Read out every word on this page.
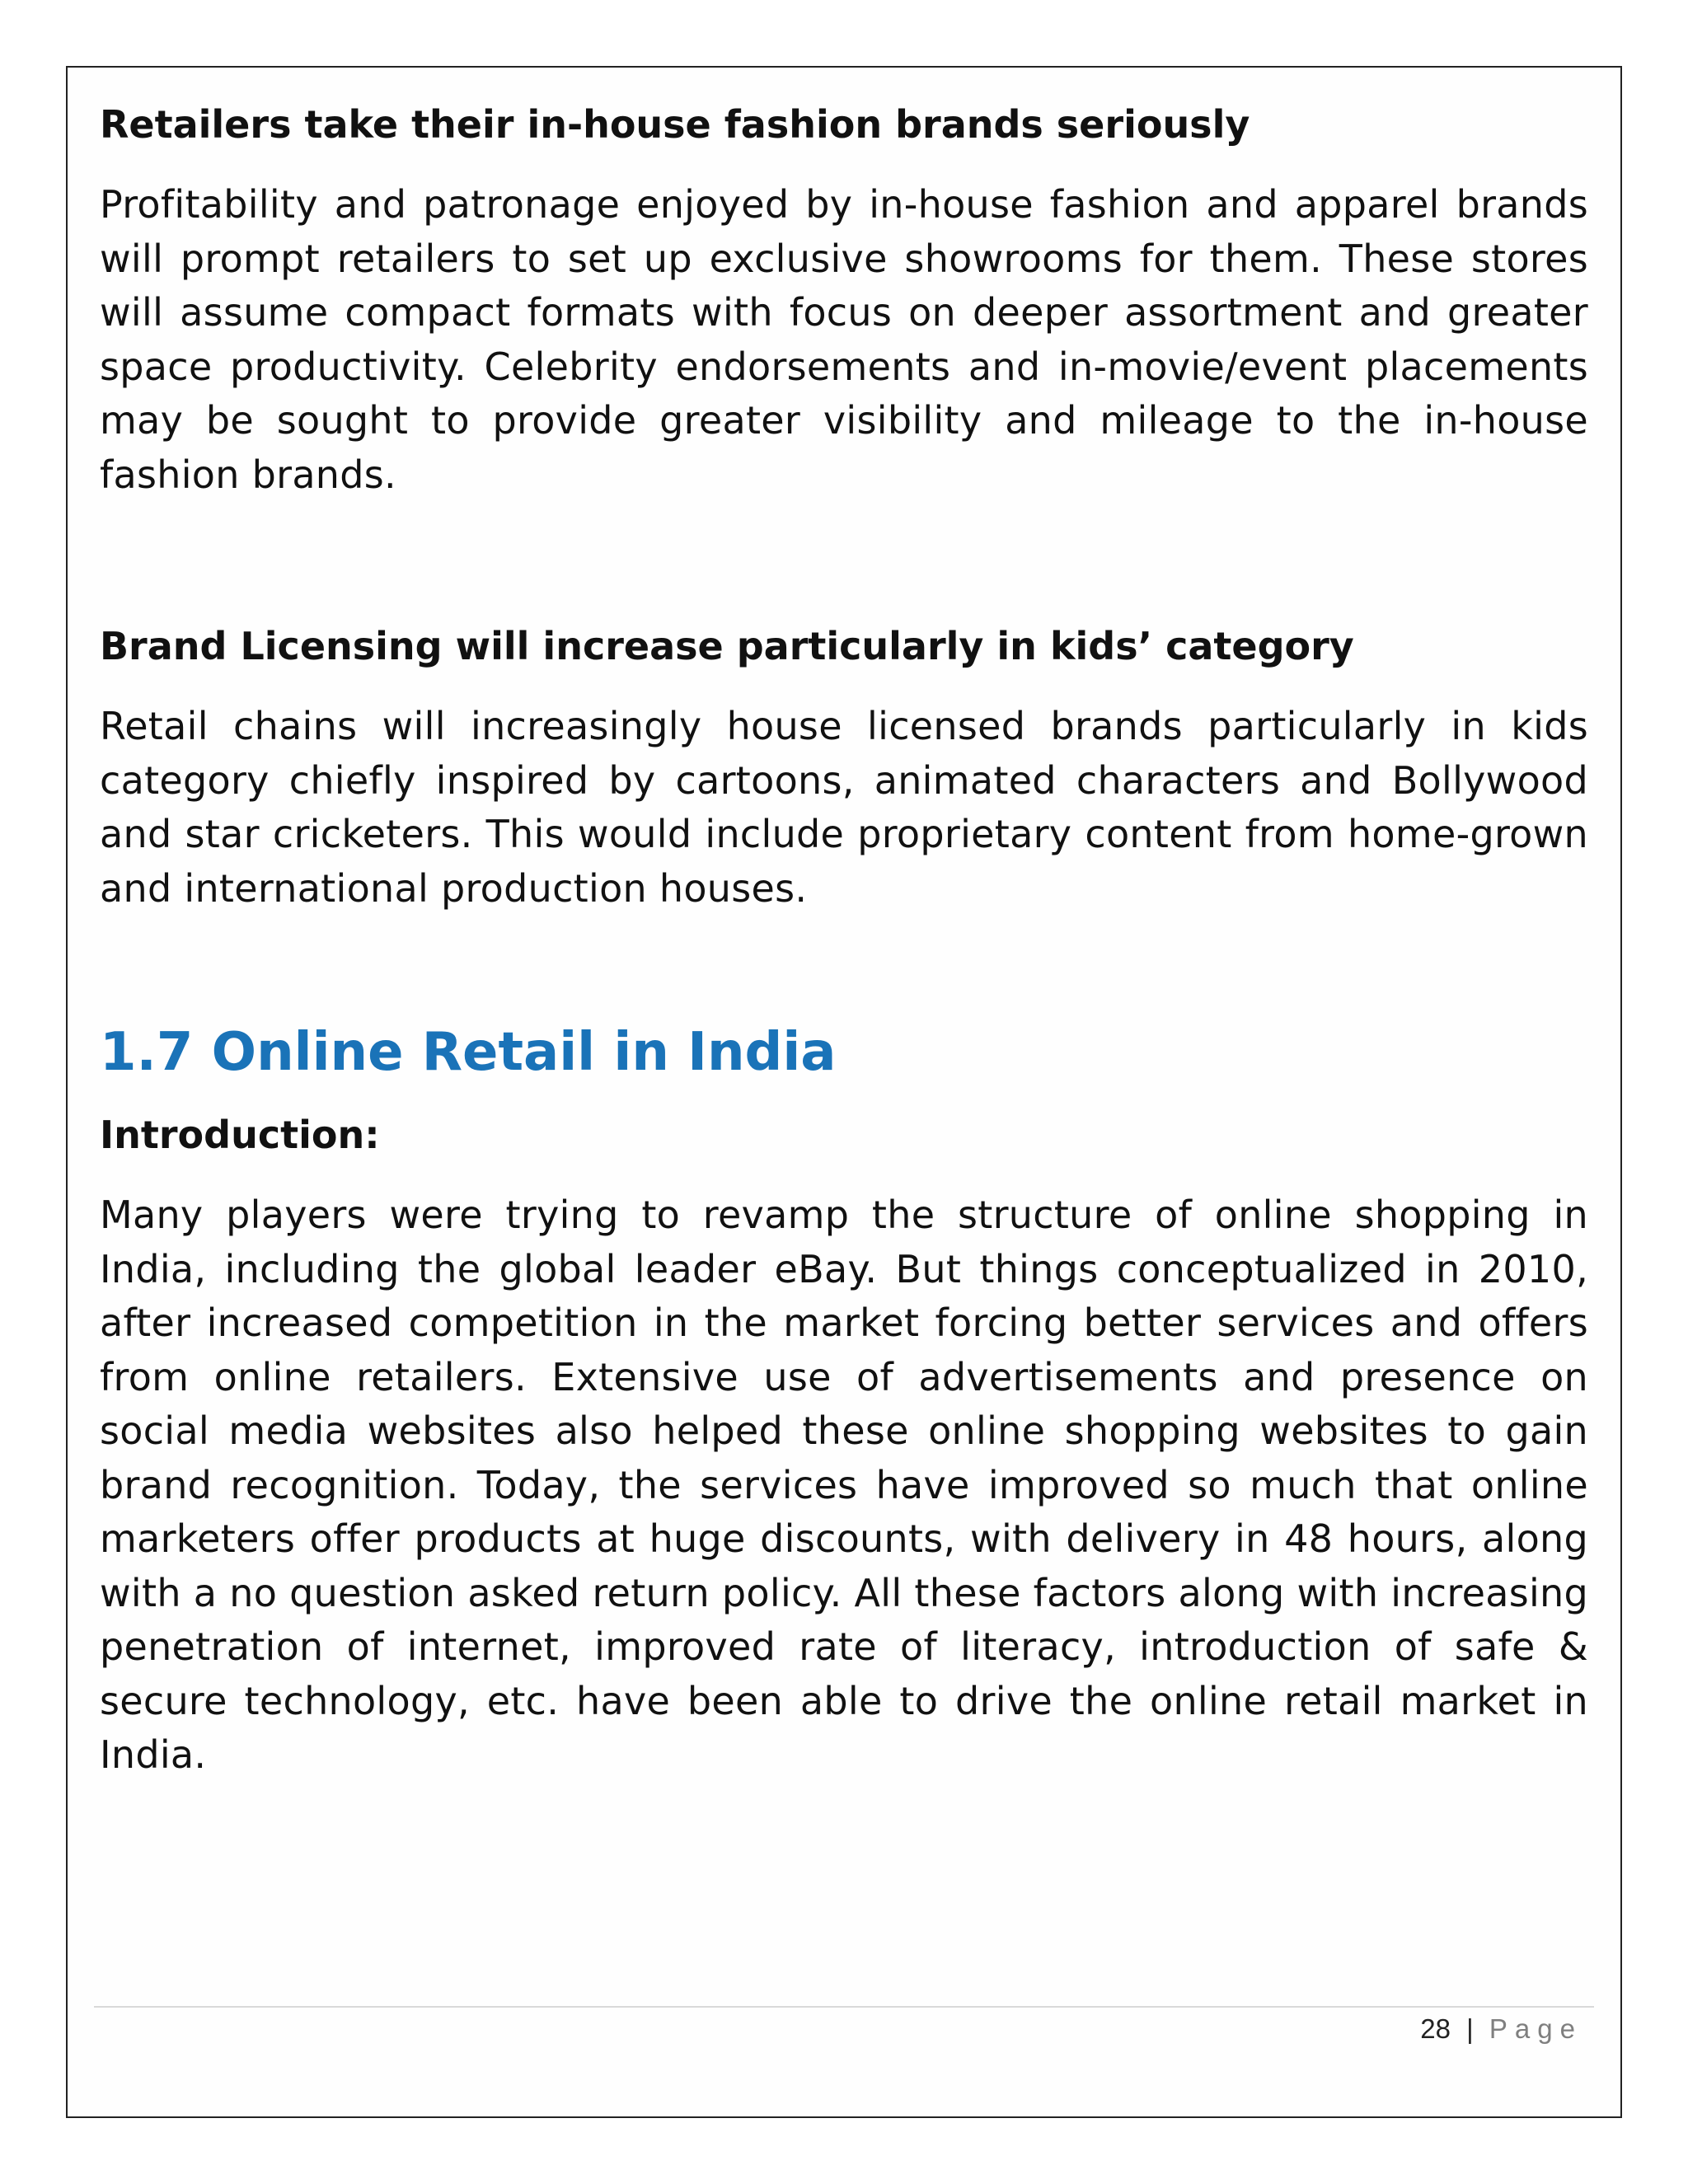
Retailers take their in-house fashion brands seriously

Profitability and patronage enjoyed by in-house fashion and apparel brands will prompt retailers to set up exclusive showrooms for them. These stores will assume compact formats with focus on deeper assortment and greater space productivity. Celebrity endorsements and in-movie/event placements may be sought to provide greater visibility and mileage to the in-house fashion brands.

Brand Licensing will increase particularly in kids’ category

Retail chains will increasingly house licensed brands particularly in kids category chiefly inspired by cartoons, animated characters and Bollywood and star cricketers. This would include proprietary content from home-grown and international production houses.

1.7 Online Retail in India
Introduction:

Many players were trying to revamp the structure of online shopping in India, including the global leader eBay. But things conceptualized in 2010, after increased competition in the market forcing better services and offers from online retailers. Extensive use of advertisements and presence on social media websites also helped these online shopping websites to gain brand recognition. Today, the services have improved so much that online marketers offer products at huge discounts, with delivery in 48 hours, along with a no question asked return policy. All these factors along with increasing penetration of internet, improved rate of literacy, introduction of safe & secure technology, etc. have been able to drive the online retail market in India.

28 | Page
